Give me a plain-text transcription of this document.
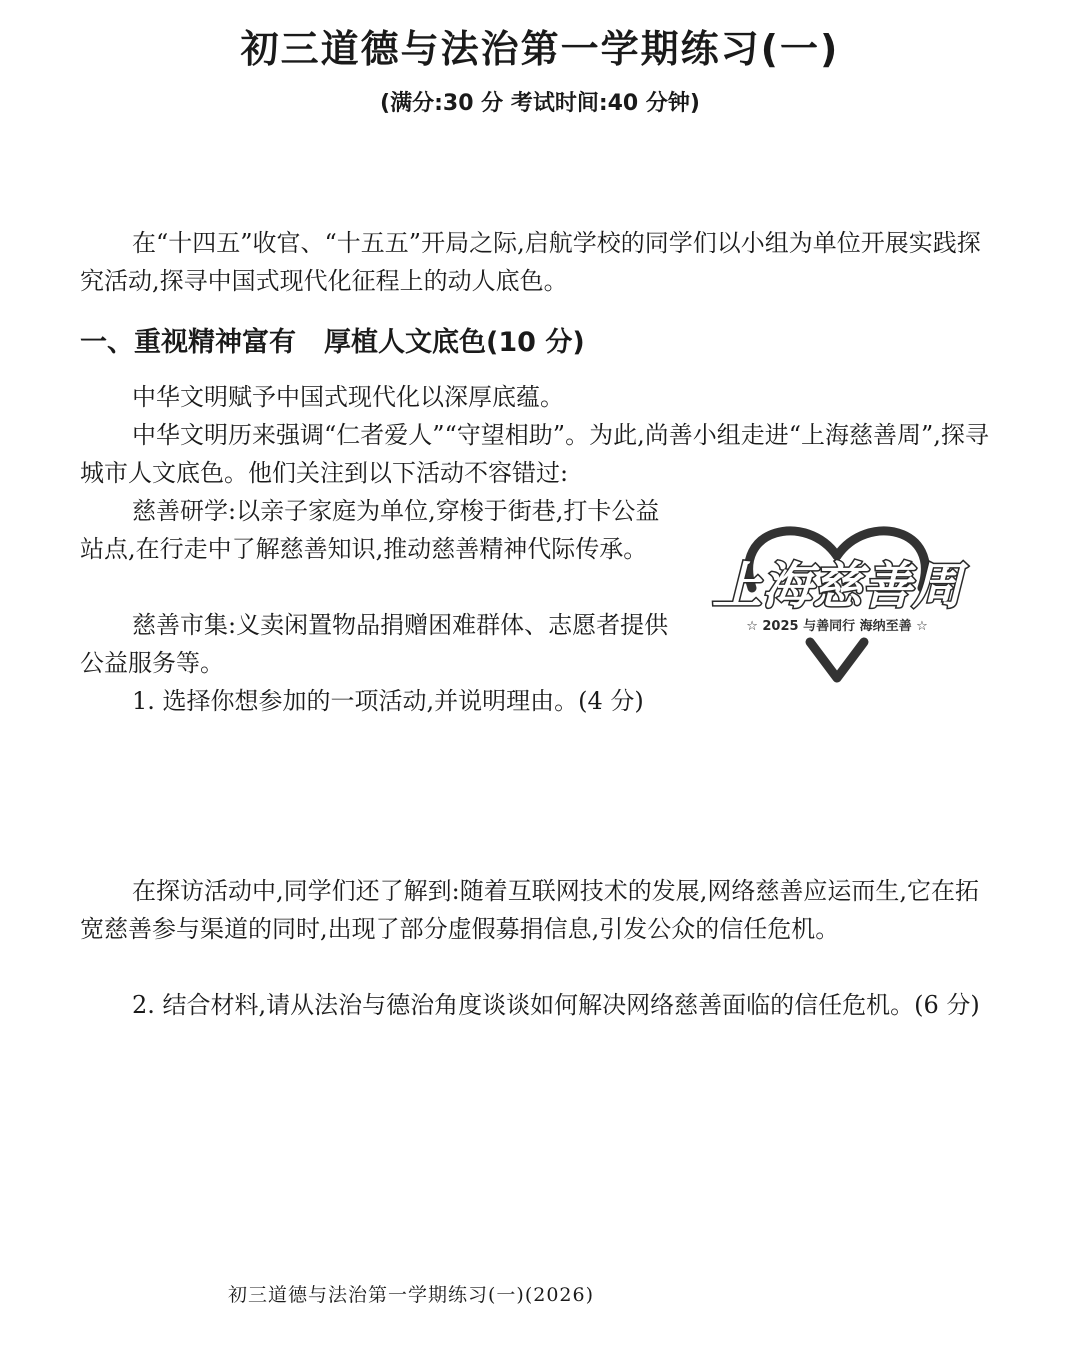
初三道德与法治第一学期练习(一)
(满分:30 分 考试时间:40 分钟)

在“十四五”收官、“十五五”开局之际,启航学校的同学们以小组为单位开展实践探究活动,探寻中国式现代化征程上的动人底色。

一、重视精神富有 厚植人文底色(10 分)

中华文明赋予中国式现代化以深厚底蕴。

中华文明历来强调“仁者爱人”“守望相助”。为此,尚善小组走进“上海慈善周”,探寻城市人文底色。他们关注到以下活动不容错过:

慈善研学:以亲子家庭为单位,穿梭于街巷,打卡公益站点,在行走中了解慈善知识,推动慈善精神代际传承。

慈善市集:义卖闲置物品捐赠困难群体、志愿者提供公益服务等。

1. 选择你想参加的一项活动,并说明理由。(4 分)

上海慈善周
☆ 2025 与善同行 海纳至善 ☆

在探访活动中,同学们还了解到:随着互联网技术的发展,网络慈善应运而生,它在拓宽慈善参与渠道的同时,出现了部分虚假募捐信息,引发公众的信任危机。

2. 结合材料,请从法治与德治角度谈谈如何解决网络慈善面临的信任危机。(6 分)

初三道德与法治第一学期练习(一)(2026)
